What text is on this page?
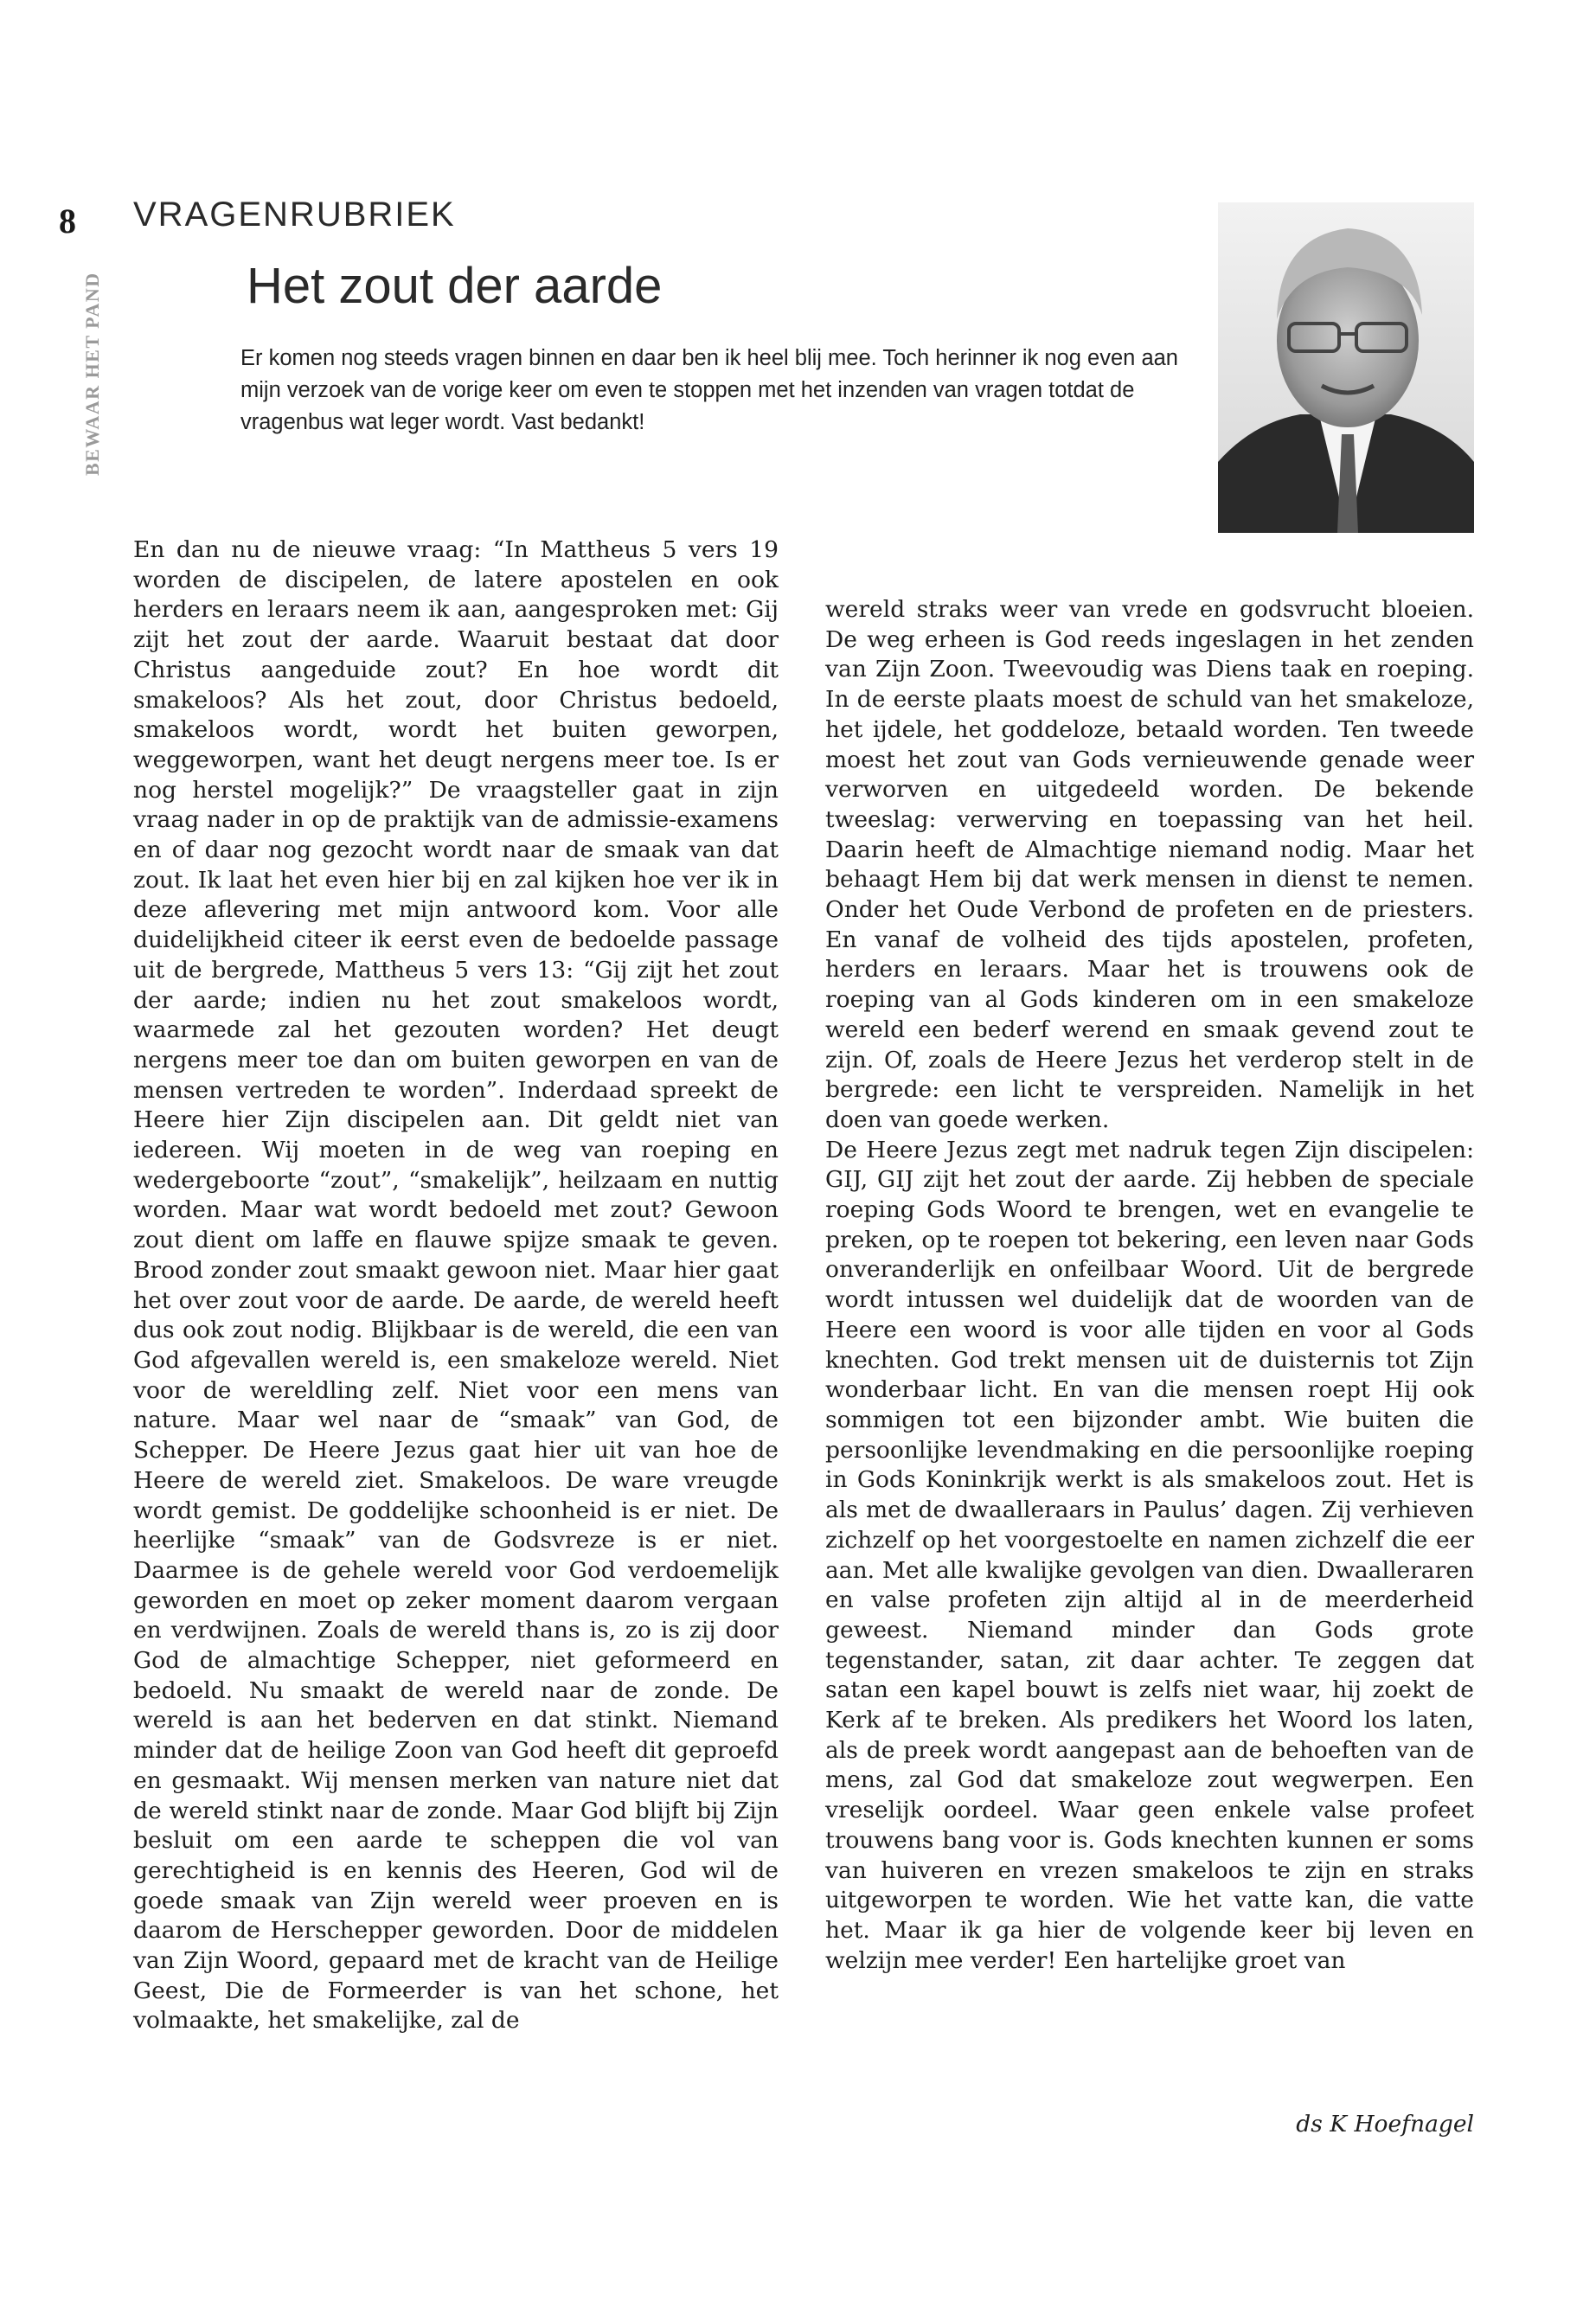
8
BEWAAR HET PAND
VRAGENRUBRIEK
Het zout der aarde

Er komen nog steeds vragen binnen en daar ben ik heel blij mee. Toch herinner ik nog even aan mijn verzoek van de vorige keer om even te stoppen met het inzenden van vragen totdat de vragenbus wat leger wordt. Vast bedankt!

En dan nu de nieuwe vraag: “In Mattheus 5 vers 19 worden de discipelen, de latere apostelen en ook herders en leraars neem ik aan, aangesproken met: Gij zijt het zout der aarde. Waaruit bestaat dat door Christus aangeduide zout? En hoe wordt dit smakeloos? Als het zout, door Christus bedoeld, smakeloos wordt, wordt het buiten geworpen, weggeworpen, want het deugt nergens meer toe. Is er nog herstel mogelijk?” De vraagsteller gaat in zijn vraag nader in op de praktijk van de admissie-examens en of daar nog gezocht wordt naar de smaak van dat zout. Ik laat het even hier bij en zal kijken hoe ver ik in deze aflevering met mijn antwoord kom. Voor alle duidelijkheid citeer ik eerst even de bedoelde passage uit de bergrede, Mattheus 5 vers 13: “Gij zijt het zout der aarde; indien nu het zout smakeloos wordt, waarmede zal het gezouten worden? Het deugt nergens meer toe dan om buiten geworpen en van de mensen vertreden te worden”. Inderdaad spreekt de Heere hier Zijn discipelen aan. Dit geldt niet van iedereen. Wij moeten in de weg van roeping en wedergeboorte “zout”, “smakelijk”, heilzaam en nuttig worden. Maar wat wordt bedoeld met zout? Gewoon zout dient om laffe en flauwe spijze smaak te geven. Brood zonder zout smaakt gewoon niet. Maar hier gaat het over zout voor de aarde. De aarde, de wereld heeft dus ook zout nodig. Blijkbaar is de wereld, die een van God afgevallen wereld is, een smakeloze wereld. Niet voor de wereldling zelf. Niet voor een mens van nature. Maar wel naar de “smaak” van God, de Schepper. De Heere Jezus gaat hier uit van hoe de Heere de wereld ziet. Smakeloos. De ware vreugde wordt gemist. De goddelijke schoonheid is er niet. De heerlijke “smaak” van de Godsvreze is er niet. Daarmee is de gehele wereld voor God verdoemelijk geworden en moet op zeker moment daarom vergaan en verdwijnen. Zoals de wereld thans is, zo is zij door God de almachtige Schepper, niet geformeerd en bedoeld. Nu smaakt de wereld naar de zonde. De wereld is aan het bederven en dat stinkt. Niemand minder dat de heilige Zoon van God heeft dit geproefd en gesmaakt. Wij mensen merken van nature niet dat de wereld stinkt naar de zonde. Maar God blijft bij Zijn besluit om een aarde te scheppen die vol van gerechtigheid is en kennis des Heeren, God wil de goede smaak van Zijn wereld weer proeven en is daarom de Herschepper geworden. Door de middelen van Zijn Woord, gepaard met de kracht van de Heilige Geest, Die de Formeerder is van het schone, het volmaakte, het smakelijke, zal de

wereld straks weer van vrede en godsvrucht bloeien. De weg erheen is God reeds ingeslagen in het zenden van Zijn Zoon. Tweevoudig was Diens taak en roeping. In de eerste plaats moest de schuld van het smakeloze, het ijdele, het goddeloze, betaald worden. Ten tweede moest het zout van Gods vernieuwende genade weer verworven en uitgedeeld worden. De bekende tweeslag: verwerving en toepassing van het heil. Daarin heeft de Almachtige niemand nodig. Maar het behaagt Hem bij dat werk mensen in dienst te nemen. Onder het Oude Verbond de profeten en de priesters. En vanaf de volheid des tijds apostelen, profeten, herders en leraars. Maar het is trouwens ook de roeping van al Gods kinderen om in een smakeloze wereld een bederf werend en smaak gevend zout te zijn. Of, zoals de Heere Jezus het verderop stelt in de bergrede: een licht te verspreiden. Namelijk in het doen van goede werken.

De Heere Jezus zegt met nadruk tegen Zijn discipelen: GIJ, GIJ zijt het zout der aarde. Zij hebben de speciale roeping Gods Woord te brengen, wet en evangelie te preken, op te roepen tot bekering, een leven naar Gods onveranderlijk en onfeilbaar Woord. Uit de bergrede wordt intussen wel duidelijk dat de woorden van de Heere een woord is voor alle tijden en voor al Gods knechten. God trekt mensen uit de duisternis tot Zijn wonderbaar licht. En van die mensen roept Hij ook sommigen tot een bijzonder ambt. Wie buiten die persoonlijke levendmaking en die persoonlijke roeping in Gods Koninkrijk werkt is als smakeloos zout. Het is als met de dwaalleraars in Paulus’ dagen. Zij verhieven zichzelf op het voorgestoelte en namen zichzelf die eer aan. Met alle kwalijke gevolgen van dien. Dwaalleraren en valse profeten zijn altijd al in de meerderheid geweest. Niemand minder dan Gods grote tegenstander, satan, zit daar achter. Te zeggen dat satan een kapel bouwt is zelfs niet waar, hij zoekt de Kerk af te breken. Als predikers het Woord los laten, als de preek wordt aangepast aan de behoeften van de mens, zal God dat smakeloze zout wegwerpen. Een vreselijk oordeel. Waar geen enkele valse profeet trouwens bang voor is. Gods knechten kunnen er soms van huiveren en vrezen smakeloos te zijn en straks uitgeworpen te worden. Wie het vatte kan, die vatte het. Maar ik ga hier de volgende keer bij leven en welzijn mee verder! Een hartelijke groet van

ds K Hoefnagel
